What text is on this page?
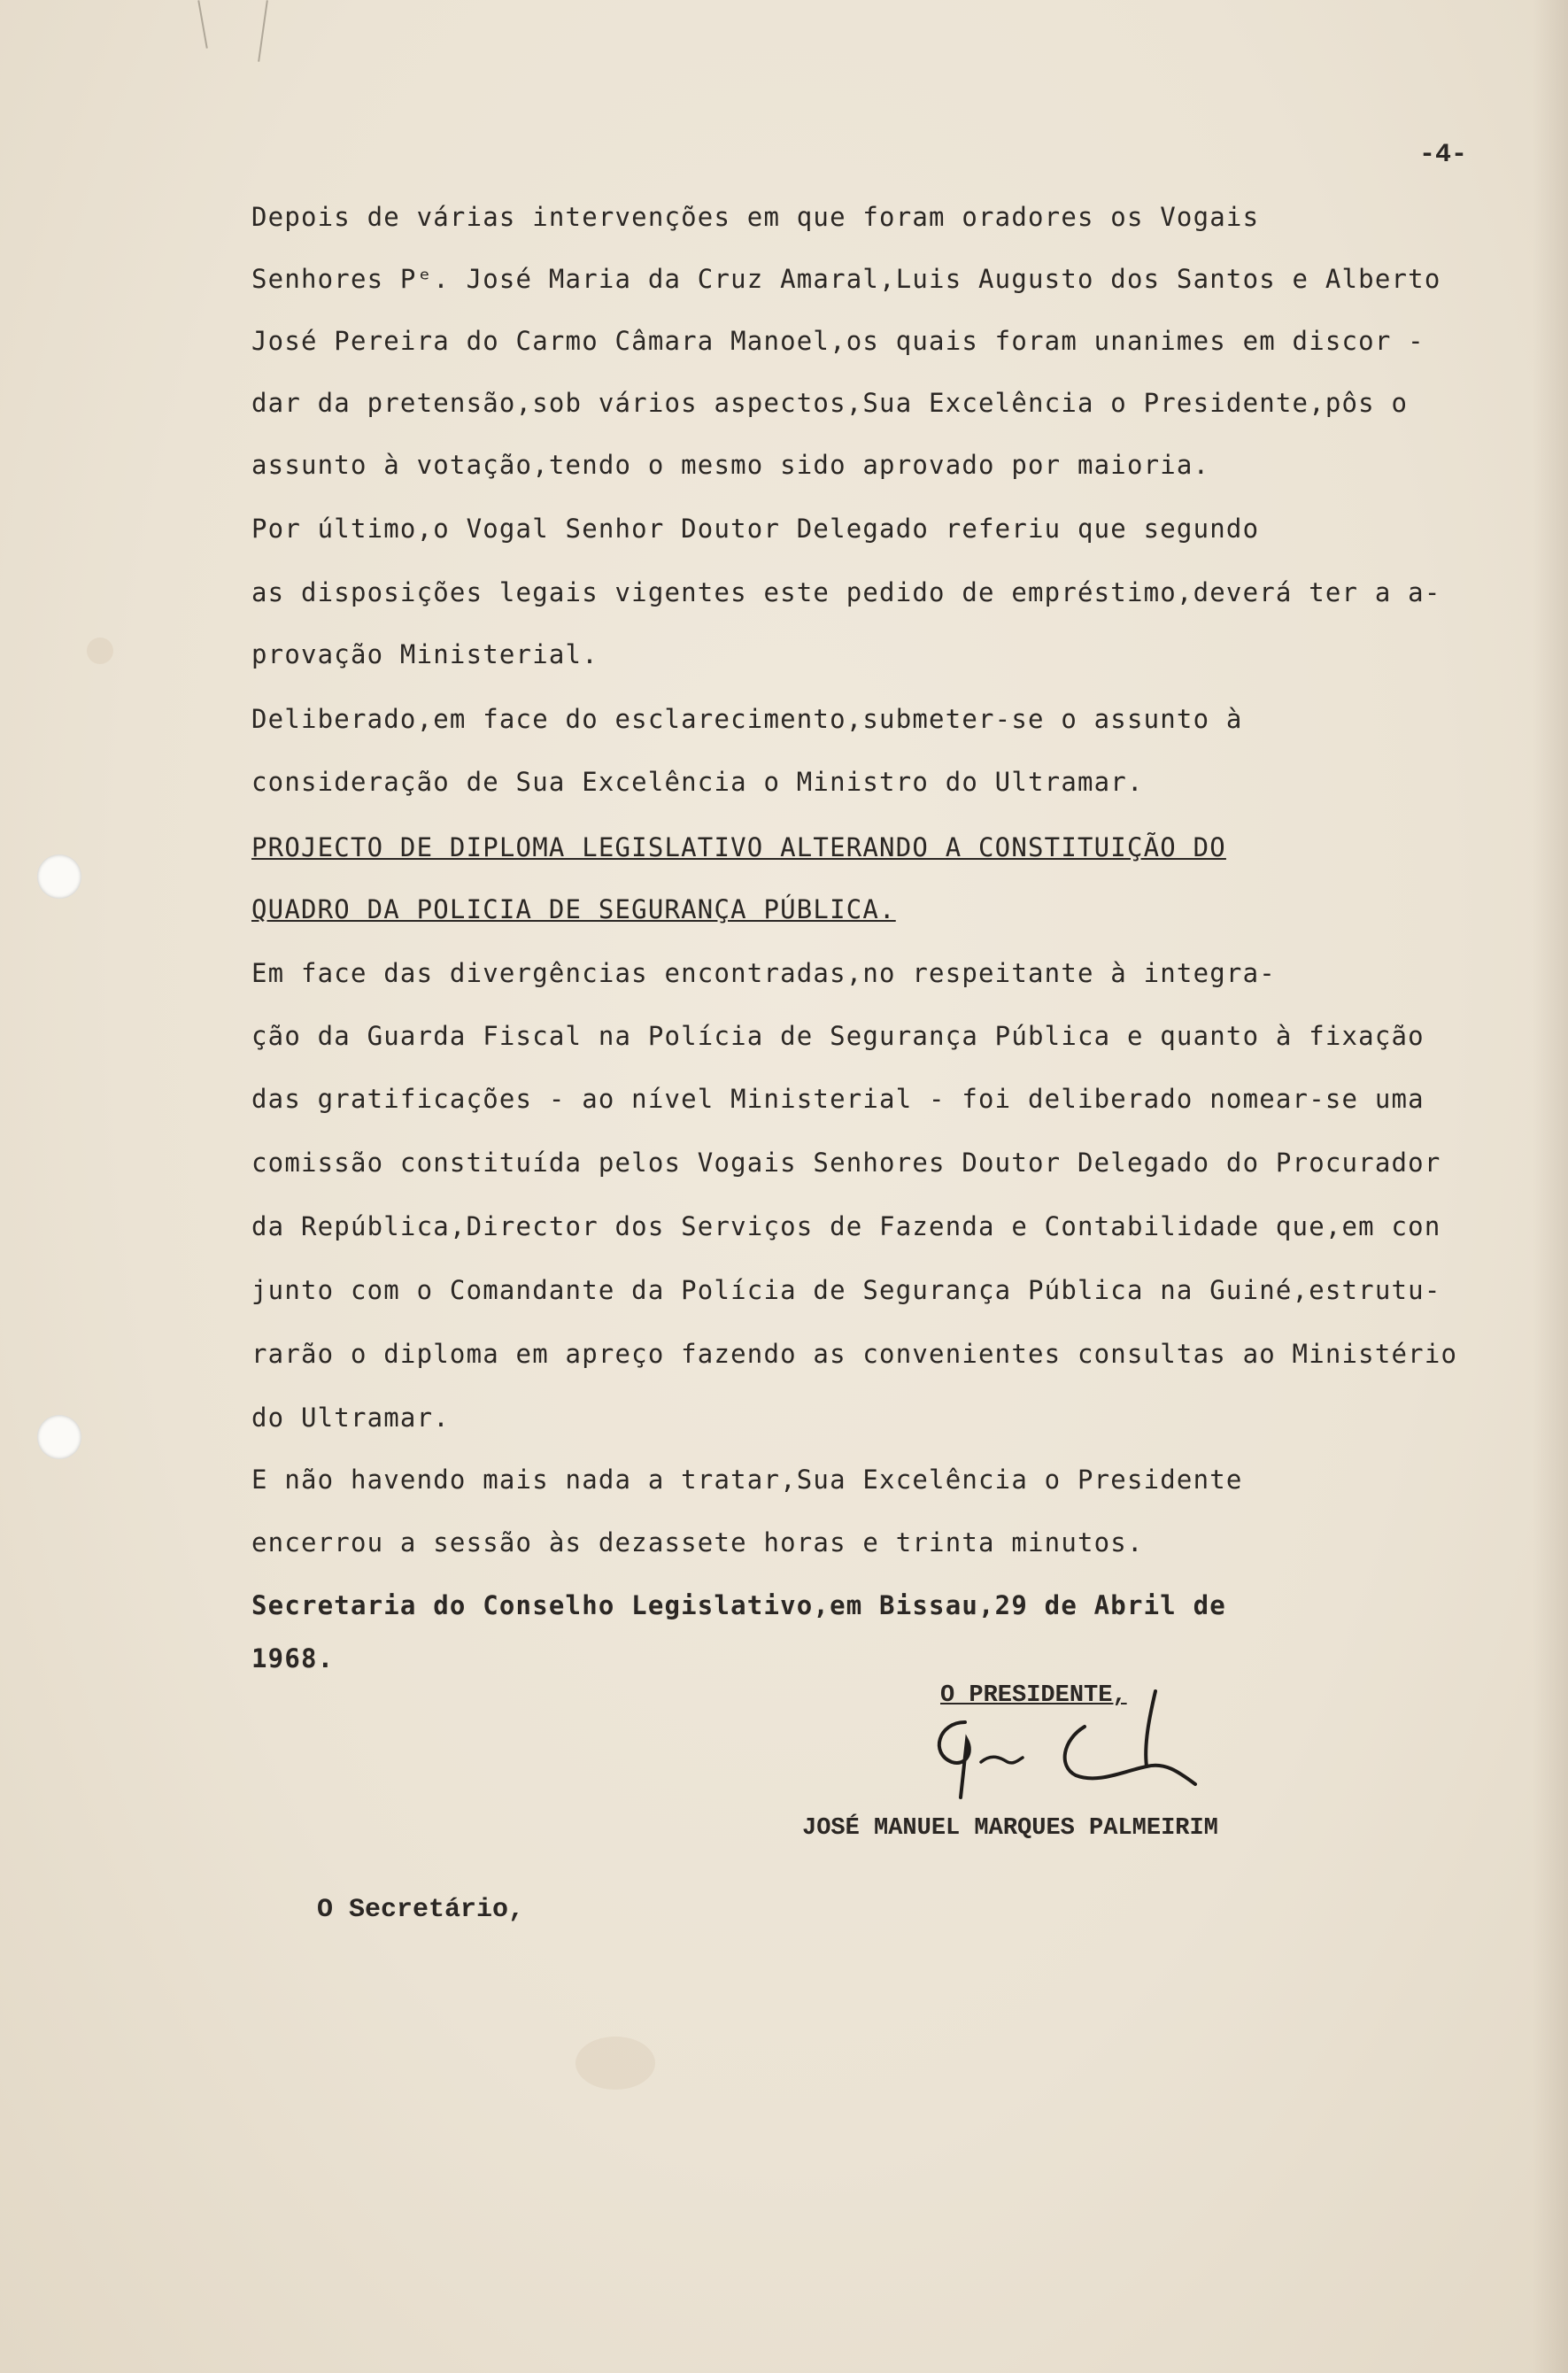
-4-

Depois de várias intervenções em que foram oradores os Vogais
Senhores Pᵉ. José Maria da Cruz Amaral,Luis Augusto dos Santos e Alberto
José Pereira do Carmo Câmara Manoel,os quais foram unanimes em discor -
dar da pretensão,sob vários aspectos,Sua Excelência o Presidente,pôs o
assunto à votação,tendo o mesmo sido aprovado por maioria.
Por último,o Vogal Senhor Doutor Delegado referiu que segundo
as disposições legais vigentes este pedido de empréstimo,deverá ter a a-
provação Ministerial.
Deliberado,em face do esclarecimento,submeter-se o assunto à
consideração de Sua Excelência o Ministro do Ultramar.
PROJECTO DE DIPLOMA LEGISLATIVO ALTERANDO A CONSTITUIÇÃO DO
QUADRO DA POLICIA DE SEGURANÇA PÚBLICA.
Em face das divergências encontradas,no respeitante à integra-
ção da Guarda Fiscal na Polícia de Segurança Pública e quanto à fixação
das gratificações - ao nível Ministerial - foi deliberado nomear-se uma
comissão constituída pelos Vogais Senhores Doutor Delegado do Procurador
da República,Director dos Serviços de Fazenda e Contabilidade que,em con
junto com o Comandante da Polícia de Segurança Pública na Guiné,estrutu-
rarão o diploma em apreço fazendo as convenientes consultas ao Ministério
do Ultramar.
E não havendo mais nada a tratar,Sua Excelência o Presidente
encerrou a sessão às dezassete horas e trinta minutos.
Secretaria do Conselho Legislativo,em Bissau,29 de Abril de
1968.

O PRESIDENTE,

JOSÉ MANUEL MARQUES PALMEIRIM

O Secretário,
